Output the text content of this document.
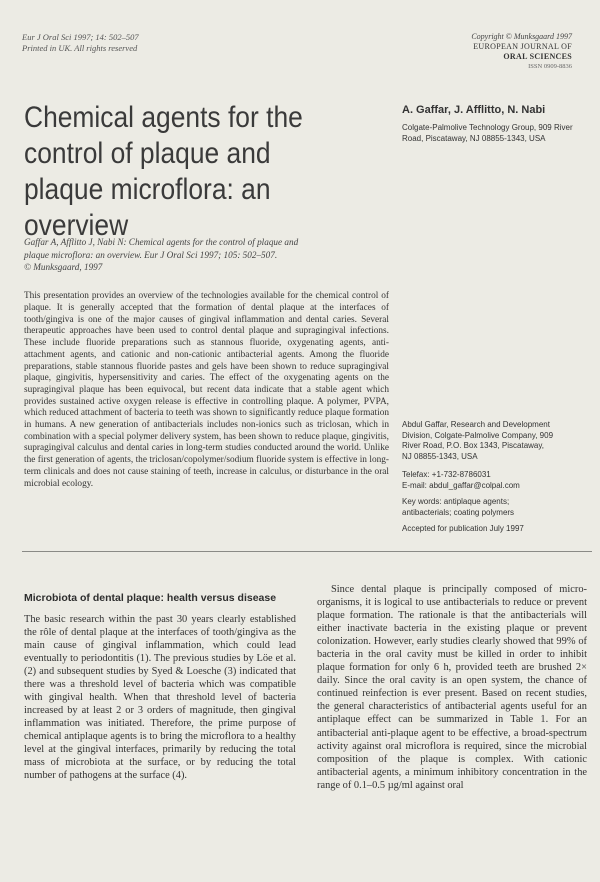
Eur J Oral Sci 1997; 14: 502–507
Printed in UK. All rights reserved
Copyright © Munksgaard 1997
EUROPEAN JOURNAL OF
ORAL SCIENCES
ISSN 0909-8836
Chemical agents for the control of plaque and plaque microflora: an overview
A. Gaffar, J. Afflitto, N. Nabi
Colgate-Palmolive Technology Group, 909 River Road, Piscataway, NJ 08855-1343, USA
Gaffar A, Afflitto J, Nabi N: Chemical agents for the control of plaque and
plaque microflora: an overview. Eur J Oral Sci 1997; 105: 502–507.
© Munksgaard, 1997

This presentation provides an overview of the technologies available for the chemical control of plaque. It is generally accepted that the formation of dental plaque at the interfaces of tooth/gingiva is one of the major causes of gingival inflammation and dental caries. Several therapeutic approaches have been used to control dental plaque and supragingival infections. These include fluoride preparations such as stannous fluoride, oxygenating agents, anti-attachment agents, and cationic and non-cationic antibacterial agents. Among the fluoride preparations, stable stannous fluoride pastes and gels have been shown to reduce supragingival plaque, gingivitis, hypersensitivity and caries. The effect of the oxygenating agents on the supragingival plaque has been equivocal, but recent data indicate that a stable agent which provides sustained active oxygen release is effective in controlling plaque. A polymer, PVPA, which reduced attachment of bacteria to teeth was shown to significantly reduce plaque formation in humans. A new generation of antibacterials includes non-ionics such as triclosan, which in combination with a special polymer delivery system, has been shown to reduce plaque, gingivitis, supragingival calculus and dental caries in long-term studies conducted around the world. Unlike the first generation of agents, the triclosan/copolymer/sodium fluoride system is effective in long-term clinicals and does not cause staining of teeth, increase in calculus, or disturbance in the oral microbial ecology.

Abdul Gaffar, Research and Development
Division, Colgate-Palmolive Company, 909
River Road, P.O. Box 1343, Piscataway,
NJ 08855-1343, USA
Telefax: +1-732-8786031
E-mail: abdul_gaffar@colpal.com
Key words: antiplaque agents;
antibacterials; coating polymers
Accepted for publication July 1997
Microbiota of dental plaque: health versus disease

The basic research within the past 30 years clearly established the rôle of dental plaque at the interfaces of tooth/gingiva as the main cause of gingival inflammation, which could lead eventually to periodontitis (1). The previous studies by Löe et al. (2) and subsequent studies by Syed & Loesche (3) indicated that there was a threshold level of bacteria which was compatible with gingival health. When that threshold level of bacteria increased by at least 2 or 3 orders of magnitude, then gingival inflammation was initiated. Therefore, the prime purpose of chemical antiplaque agents is to bring the microflora to a healthy level at the gingival interfaces, primarily by reducing the total mass of microbiota at the surface, or by reducing the total number of pathogens at the surface (4).

Since dental plaque is principally composed of micro-organisms, it is logical to use antibacterials to reduce or prevent plaque formation. The rationale is that the antibacterials will either inactivate bacteria in the existing plaque or prevent colonization. However, early studies clearly showed that 99% of bacteria in the oral cavity must be killed in order to inhibit plaque formation for only 6 h, provided teeth are brushed 2× daily. Since the oral cavity is an open system, the chance of continued reinfection is ever present. Based on recent studies, the general characteristics of antibacterial agents useful for an antiplaque effect can be summarized in Table 1. For an antibacterial anti-plaque agent to be effective, a broad-spectrum activity against oral microflora is required, since the microbial composition of the plaque is complex. With cationic antibacterial agents, a minimum inhibitory concentration in the range of 0.1–0.5 µg/ml against oral
